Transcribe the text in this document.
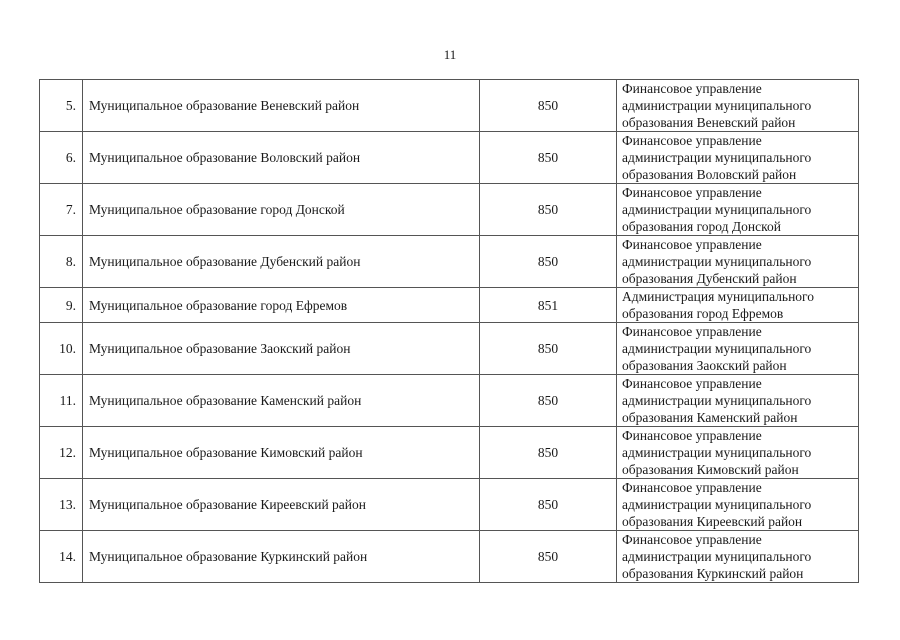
11
5.	Муниципальное образование Веневский район	850	Финансовое управление
администрации муниципального
образования Веневский район

6.	Муниципальное образование Воловский район	850	Финансовое управление
администрации муниципального
образования Воловский район

7.	Муниципальное образование город Донской	850	Финансовое управление
администрации муниципального
образования город Донской

8.	Муниципальное образование Дубенский район	850	Финансовое управление
администрации муниципального
образования Дубенский район

9.	Муниципальное образование город Ефремов	851	Администрация муниципального
образования город Ефремов

10.	Муниципальное образование Заокский район	850	Финансовое управление
администрации муниципального
образования Заокский район

11.	Муниципальное образование Каменский район	850	Финансовое управление
администрации муниципального
образования Каменский район

12.	Муниципальное образование Кимовский район	850	Финансовое управление
администрации муниципального
образования Кимовский район

13.	Муниципальное образование Киреевский район	850	Финансовое управление
администрации муниципального
образования Киреевский район

14.	Муниципальное образование Куркинский район	850	Финансовое управление
администрации муниципального
образования Куркинский район
